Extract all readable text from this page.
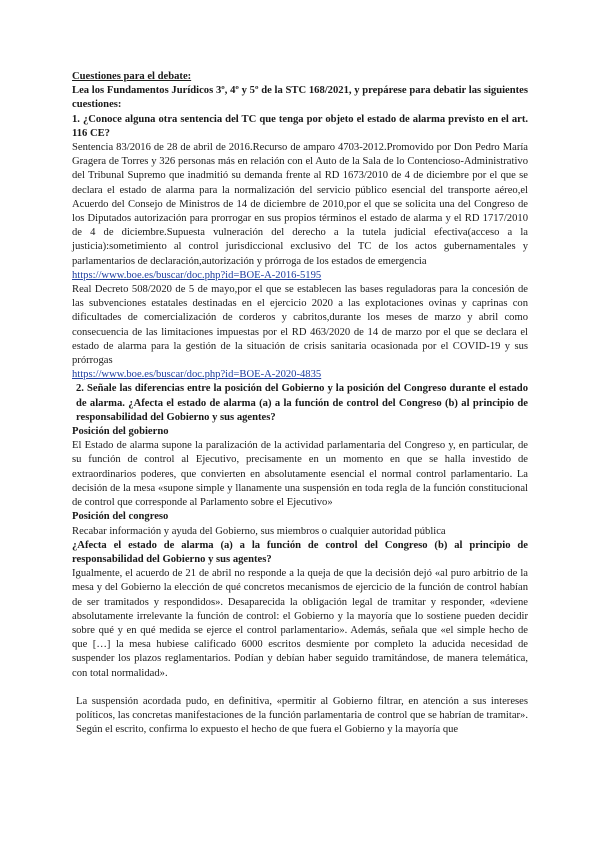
Cuestiones para el debate:

Lea los Fundamentos Jurídicos 3º, 4º y 5º de la STC 168/2021, y prepárese para debatir las siguientes cuestiones:

1. ¿Conoce alguna otra sentencia del TC que tenga por objeto el estado de alarma previsto en el art. 116 CE?

Sentencia 83/2016 de 28 de abril de 2016.Recurso de amparo 4703-2012.Promovido por Don Pedro María Gragera de Torres y 326 personas más en relación con el Auto de la Sala de lo Contencioso-Administrativo del Tribunal Supremo que inadmitió su demanda frente al RD 1673/2010 de 4 de diciembre por el que se declara el estado de alarma para la normalización del servicio público esencial del transporte aéreo,el Acuerdo del Consejo de Ministros de 14 de diciembre de 2010,por el que se solicita una del Congreso de los Diputados autorización para prorrogar en sus propios términos el estado de alarma y el RD 1717/2010 de 4 de diciembre.Supuesta vulneración del derecho a la tutela judicial efectiva(acceso a la justicia):sometimiento al control jurisdiccional exclusivo del TC de los actos gubernamentales y parlamentarios de declaración,autorización y prórroga de los estados de emergencia

https://www.boe.es/buscar/doc.php?id=BOE-A-2016-5195

Real Decreto 508/2020 de 5 de mayo,por el que se establecen las bases reguladoras para la concesión de las subvenciones estatales destinadas en el ejercicio 2020 a las explotaciones ovinas y caprinas con dificultades de comercialización de corderos y cabritos,durante los meses de marzo y abril como consecuencia de las limitaciones impuestas por el RD 463/2020 de 14 de marzo por el que se declara el estado de alarma para la gestión de la situación de crisis sanitaria ocasionada por el COVID-19 y sus prórrogas

https://www.boe.es/buscar/doc.php?id=BOE-A-2020-4835

2. Señale las diferencias entre la posición del Gobierno y la posición del Congreso durante el estado de alarma. ¿Afecta el estado de alarma (a) a la función de control del Congreso (b) al principio de responsabilidad del Gobierno y sus agentes?

Posición del gobierno

El Estado de alarma supone la paralización de la actividad parlamentaria del Congreso y, en particular, de su función de control al Ejecutivo, precisamente en un momento en que se halla investido de extraordinarios poderes, que convierten en absolutamente esencial el normal control parlamentario. La decisión de la mesa «supone simple y llanamente una suspensión en toda regla de la función constitucional de control que corresponde al Parlamento sobre el Ejecutivo»

Posición del congreso

Recabar información y ayuda del Gobierno, sus miembros o cualquier autoridad pública

¿Afecta el estado de alarma (a) a la función de control del Congreso (b) al principio de responsabilidad del Gobierno y sus agentes?

Igualmente, el acuerdo de 21 de abril no responde a la queja de que la decisión dejó «al puro arbitrio de la mesa y del Gobierno la elección de qué concretos mecanismos de ejercicio de la función de control habían de ser tramitados y respondidos». Desaparecida la obligación legal de tramitar y responder, «deviene absolutamente irrelevante la función de control: el Gobierno y la mayoría que lo sostiene pueden decidir sobre qué y en qué medida se ejerce el control parlamentario». Además, señala que «el simple hecho de que […] la mesa hubiese calificado 6000 escritos desmiente por completo la aducida necesidad de suspender los plazos reglamentarios. Podían y debían haber seguido tramitándose, de manera telemática, con total normalidad».

La suspensión acordada pudo, en definitiva, «permitir al Gobierno filtrar, en atención a sus intereses políticos, las concretas manifestaciones de la función parlamentaria de control que se habrían de tramitar». Según el escrito, confirma lo expuesto el hecho de que fuera el Gobierno y la mayoría que
